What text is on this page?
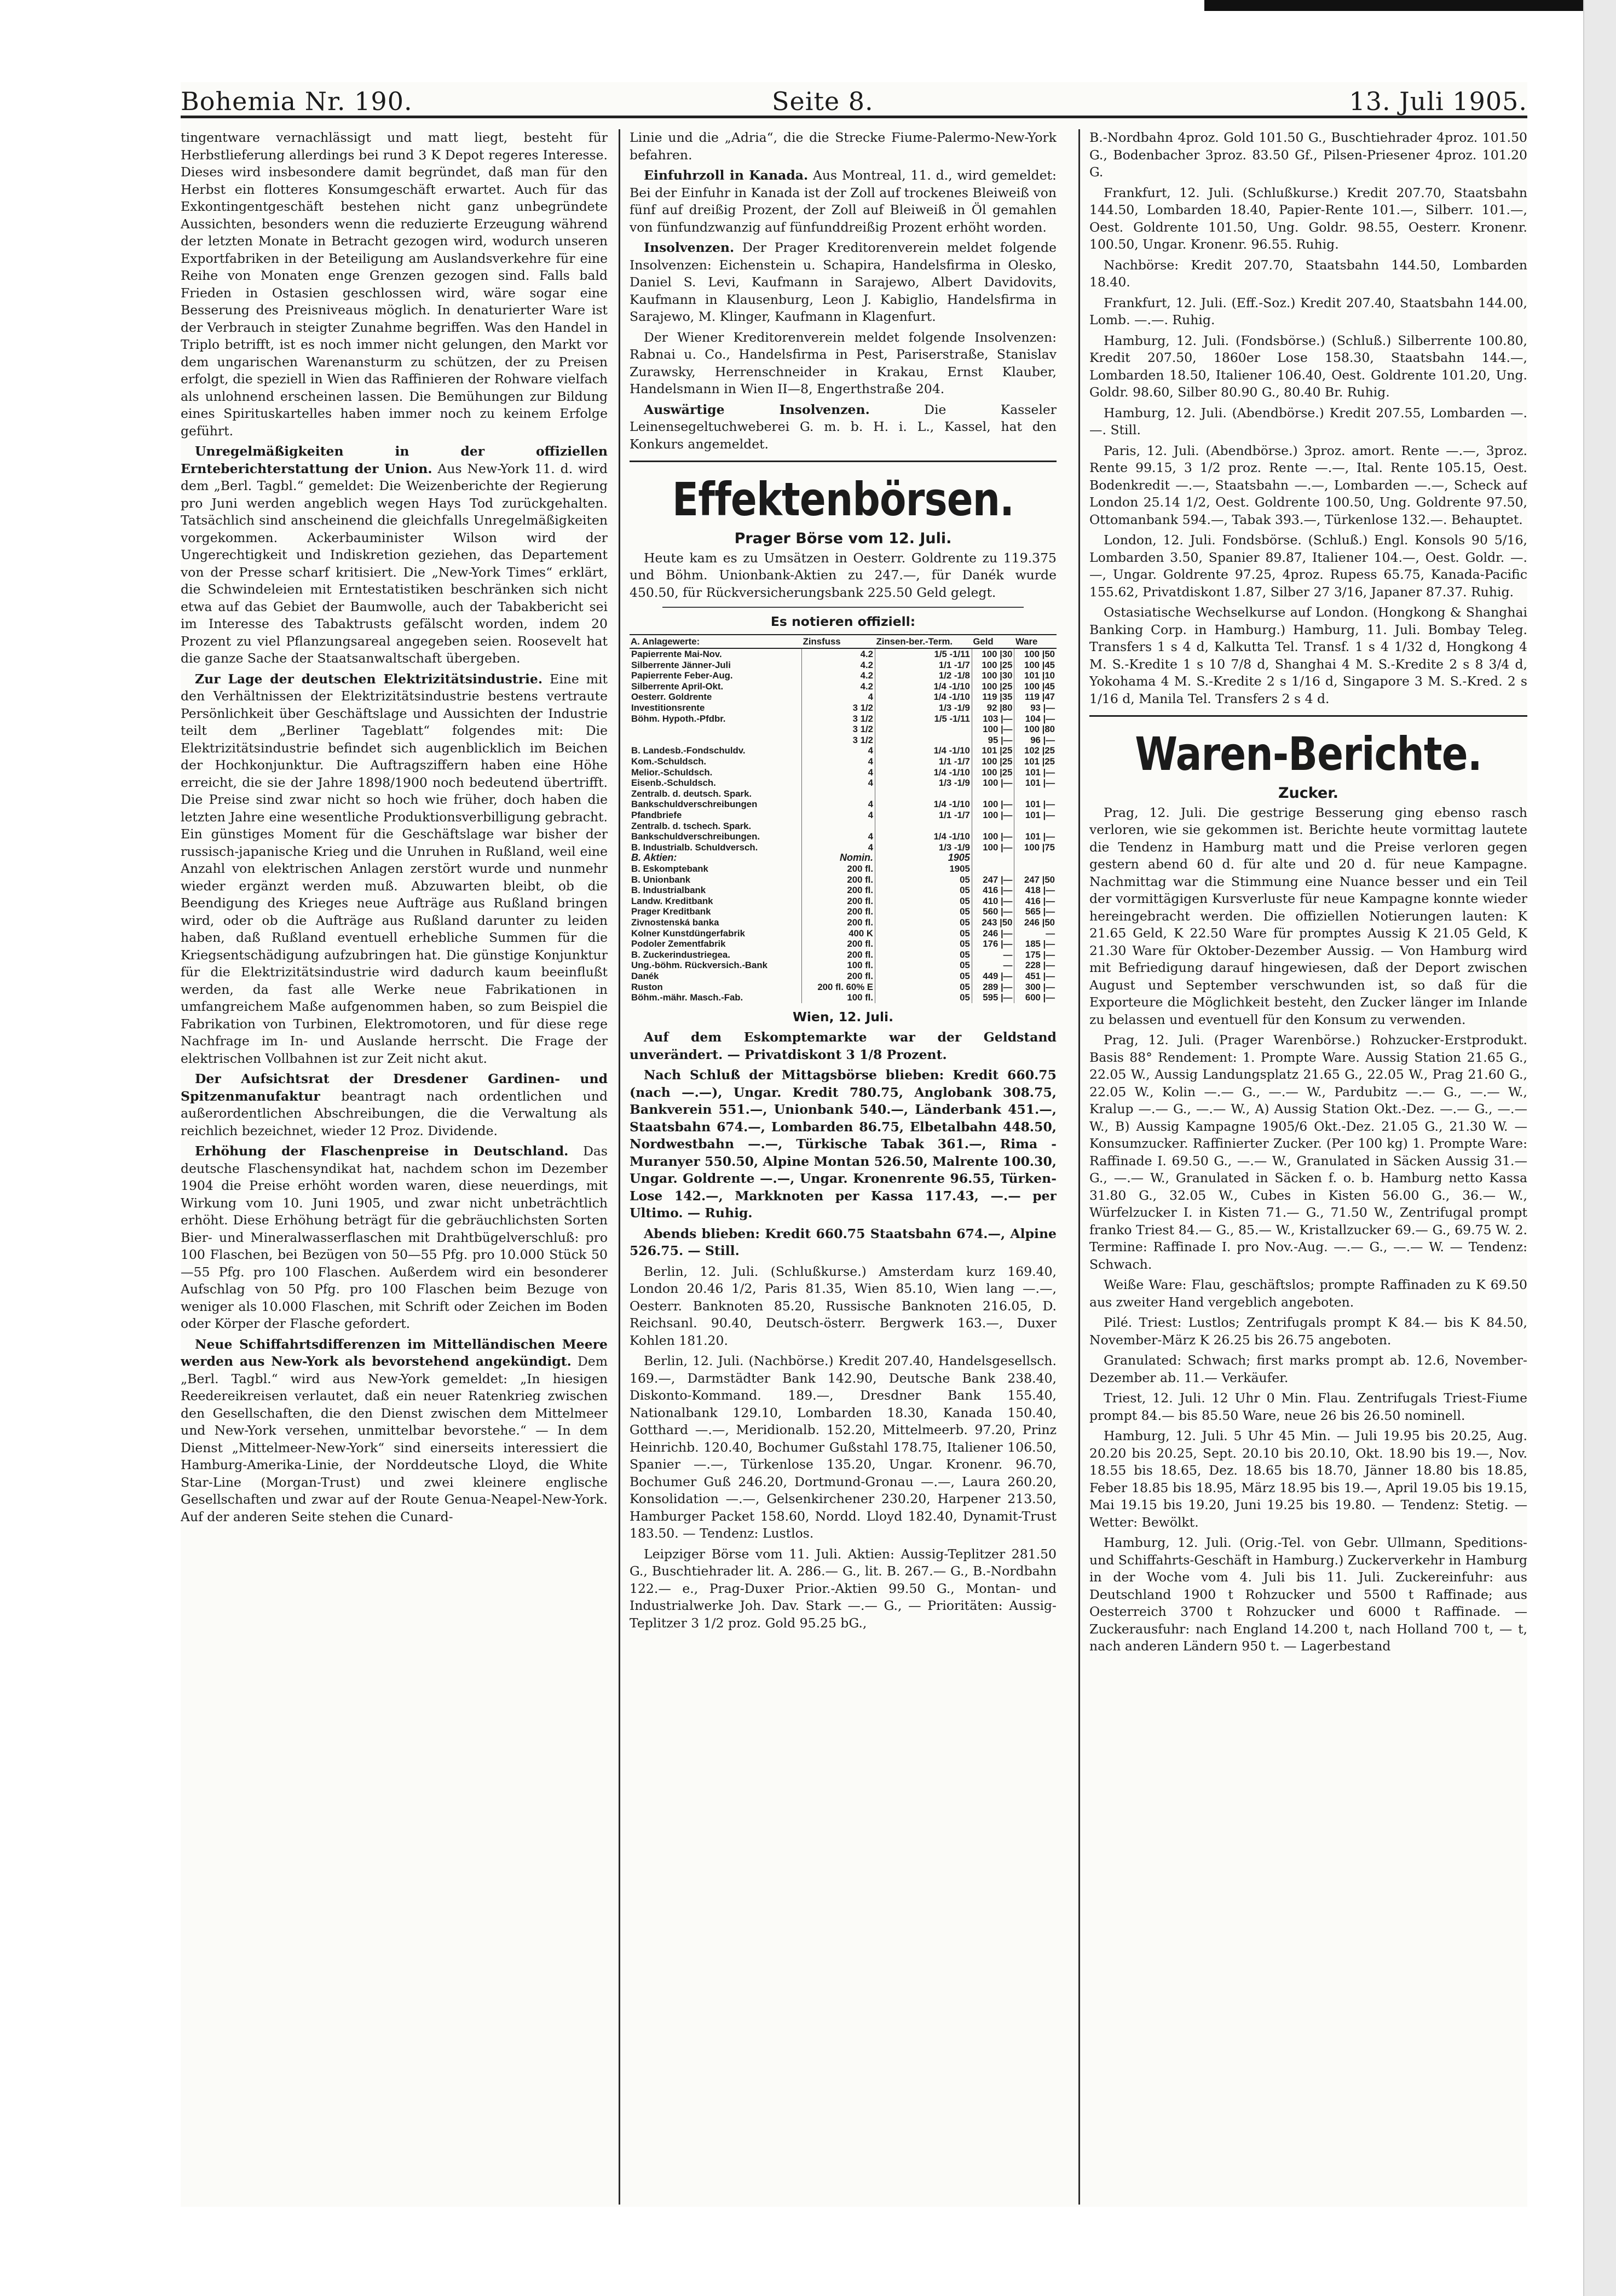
Bohemia Nr. 190.	Seite 8.	13. Juli 1905.

tingentware vernachlässigt und matt liegt, besteht für Herbstlieferung allerdings bei rund 3 K Depot regeres Interesse. Dieses wird insbesondere damit begründet, daß man für den Herbst ein flotteres Konsumgeschäft erwartet. Auch für das Exkontingentgeschäft bestehen nicht ganz unbegründete Aussichten, besonders wenn die reduzierte Erzeugung während der letzten Monate in Betracht gezogen wird, wodurch unseren Exportfabriken in der Beteiligung am Auslandsverkehre für eine Reihe von Monaten enge Grenzen gezogen sind. Falls bald Frieden in Ostasien geschlossen wird, wäre sogar eine Besserung des Preisniveaus möglich. In denaturierter Ware ist der Verbrauch in steigter Zunahme begriffen. Was den Handel in Triplo betrifft, ist es noch immer nicht gelungen, den Markt vor dem ungarischen Warenansturm zu schützen, der zu Preisen erfolgt, die speziell in Wien das Raffinieren der Rohware vielfach als unlohnend erscheinen lassen. Die Bemühungen zur Bildung eines Spirituskartelles haben immer noch zu keinem Erfolge geführt.

Unregelmäßigkeiten in der offiziellen Ernteberichterstattung der Union. Aus New-York 11. d. wird dem „Berl. Tagbl.“ gemeldet: Die Weizenberichte der Regierung pro Juni werden angeblich wegen Hays Tod zurückgehalten. Tatsächlich sind anscheinend die gleichfalls Unregelmäßigkeiten vorgekommen. Ackerbauminister Wilson wird der Ungerechtigkeit und Indiskretion geziehen, das Departement von der Presse scharf kritisiert. Die „New-York Times“ erklärt, die Schwindeleien mit Erntestatistiken beschränken sich nicht etwa auf das Gebiet der Baumwolle, auch der Tabakbericht sei im Interesse des Tabaktrusts gefälscht worden, indem 20 Prozent zu viel Pflanzungsareal angegeben seien. Roosevelt hat die ganze Sache der Staatsanwaltschaft übergeben.

Zur Lage der deutschen Elektrizitätsindustrie. Eine mit den Verhältnissen der Elektrizitätsindustrie bestens vertraute Persönlichkeit über Geschäftslage und Aussichten der Industrie teilt dem „Berliner Tageblatt“ folgendes mit: Die Elektrizitätsindustrie befindet sich augenblicklich im Beichen der Hochkonjunktur. Die Auftragsziffern haben eine Höhe erreicht, die sie der Jahre 1898/1900 noch bedeutend übertrifft. Die Preise sind zwar nicht so hoch wie früher, doch haben die letzten Jahre eine wesentliche Produktionsverbilligung gebracht. Ein günstiges Moment für die Geschäftslage war bisher der russisch-japanische Krieg und die Unruhen in Rußland, weil eine Anzahl von elektrischen Anlagen zerstört wurde und nunmehr wieder ergänzt werden muß. Abzuwarten bleibt, ob die Beendigung des Krieges neue Aufträge aus Rußland bringen wird, oder ob die Aufträge aus Rußland darunter zu leiden haben, daß Rußland eventuell erhebliche Summen für die Kriegsentschädigung aufzubringen hat. Die günstige Konjunktur für die Elektrizitätsindustrie wird dadurch kaum beeinflußt werden, da fast alle Werke neue Fabrikationen in umfangreichem Maße aufgenommen haben, so zum Beispiel die Fabrikation von Turbinen, Elektromotoren, und für diese rege Nachfrage im In- und Auslande herrscht. Die Frage der elektrischen Vollbahnen ist zur Zeit nicht akut.

Der Aufsichtsrat der Dresdener Gardinen- und Spitzenmanufaktur beantragt nach ordentlichen und außerordentlichen Abschreibungen, die die Verwaltung als reichlich bezeichnet, wieder 12 Proz. Dividende.

Erhöhung der Flaschenpreise in Deutschland. Das deutsche Flaschensyndikat hat, nachdem schon im Dezember 1904 die Preise erhöht worden waren, diese neuerdings, mit Wirkung vom 10. Juni 1905, und zwar nicht unbeträchtlich erhöht. Diese Erhöhung beträgt für die gebräuchlichsten Sorten Bier- und Mineralwasserflaschen mit Drahtbügelverschluß: pro 100 Flaschen, bei Bezügen von 50—55 Pfg. pro 10.000 Stück 50—55 Pfg. pro 100 Flaschen. Außerdem wird ein besonderer Aufschlag von 50 Pfg. pro 100 Flaschen beim Bezuge von weniger als 10.000 Flaschen, mit Schrift oder Zeichen im Boden oder Körper der Flasche gefordert.

Neue Schiffahrtsdifferenzen im Mittelländischen Meere werden aus New-York als bevorstehend angekündigt. Dem „Berl. Tagbl.“ wird aus New-York gemeldet: „In hiesigen Reedereikreisen verlautet, daß ein neuer Ratenkrieg zwischen den Gesellschaften, die den Dienst zwischen dem Mittelmeer und New-York versehen, unmittelbar bevorstehe.“ — In dem Dienst „Mittelmeer-New-York“ sind einerseits interessiert die Hamburg-Amerika-Linie, der Norddeutsche Lloyd, die White Star-Line (Morgan-Trust) und zwei kleinere englische Gesellschaften und zwar auf der Route Genua-Neapel-New-York. Auf der anderen Seite stehen die Cunard-

Linie und die „Adria“, die die Strecke Fiume-Palermo-New-York befahren.

Einfuhrzoll in Kanada. Aus Montreal, 11. d., wird gemeldet: Bei der Einfuhr in Kanada ist der Zoll auf trockenes Bleiweiß von fünf auf dreißig Prozent, der Zoll auf Bleiweiß in Öl gemahlen von fünfundzwanzig auf fünfunddreißig Prozent erhöht worden.

Insolvenzen. Der Prager Kreditorenverein meldet folgende Insolvenzen: Eichenstein u. Schapira, Handelsfirma in Olesko, Daniel S. Levi, Kaufmann in Sarajewo, Albert Davidovits, Kaufmann in Klausenburg, Leon J. Kabiglio, Handelsfirma in Sarajewo, M. Klinger, Kaufmann in Klagenfurt.

Der Wiener Kreditorenverein meldet folgende Insolvenzen: Rabnai u. Co., Handelsfirma in Pest, Pariserstraße, Stanislav Zurawsky, Herrenschneider in Krakau, Ernst Klauber, Handelsmann in Wien II—8, Engerthstraße 204.

Auswärtige Insolvenzen.	Die Kasseler Leinensegeltuchweberei G. m. b. H. i. L., Kassel, hat den Konkurs angemeldet.

Effektenbörsen.
Prager Börse vom 12. Juli.

Heute kam es zu Umsätzen in Oesterr. Goldrente zu 119.375 und Böhm. Unionbank-Aktien zu 247.—, für Danék wurde 450.50, für Rückversicherungsbank 225.50 Geld gelegt.

Es notieren offiziell:

A. Anlagewerte:	Zinsfuss	Zinsen-ber.-Term.	Geld	Ware
Papierrente Mai-Nov.	4.2	1/5 -1/11	100 |30	100 |50
Silberrente Jänner-Juli	4.2	1/1 -1/7	100 |25	100 |45
Papierrente Feber-Aug.	4.2	1/2 -1/8	100 |30	101 |10
Silberrente April-Okt.	4.2	1/4 -1/10	100 |25	100 |45
Oesterr. Goldrente	4	1/4 -1/10	119 |35	119 |47
Investitionsrente	3 1/2	1/3 -1/9	92 |80	93 |—
Böhm. Hypoth.-Pfdbr.	3 1/2	1/5 -1/11	103 |—	104 |—
	3 1/2		100 |—	100 |80
	3 1/2		95 |—	96 |—
B. Landesb.-Fondschuldv.	4	1/4 -1/10	101 |25	102 |25
Kom.-Schuldsch.	4	1/1 -1/7	100 |25	101 |25
Melior.-Schuldsch.	4	1/4 -1/10	100 |25	101 |—
Eisenb.-Schuldsch.	4	1/3 -1/9	100 |—	101 |—
Zentralb. d. deutsch. Spark.				
Bankschuldverschreibungen	4	1/4 -1/10	100 |—	101 |—
Pfandbriefe	4	1/1 -1/7	100 |—	101 |—
Zentralb. d. tschech. Spark.				
Bankschuldverschreibungen.	4	1/4 -1/10	100 |—	101 |—
B. Industrialb. Schuldversch.	4	1/3 -1/9	100 |—	100 |75
B. Aktien:	Nomin.	1905		
B. Eskomptebank	200 fl.	1905		
B. Unionbank	200 fl.	05	247 |—	247 |50
B. Industrialbank	200 fl.	05	416 |—	418 |—
Landw. Kreditbank	200 fl.	05	410 |—	416 |—
Prager Kreditbank	200 fl.	05	560 |—	565 |—
Zivnostenská banka	200 fl.	05	243 |50	246 |50
Kolner Kunstdüngerfabrik	400 K	05	246 |—	—
Podoler Zementfabrik	200 fl.	05	176 |—	185 |—
B. Zuckerindustriegea.	200 fl.	05	—	175 |—
Ung.-böhm. Rückversich.-Bank	100 fl.	05	—	228 |—
Danék	200 fl.	05	449 |—	451 |—
Ruston	200 fl. 60% E	05	289 |—	300 |—
Böhm.-mähr. Masch.-Fab.	100 fl.	05	595 |—	600 |—

Wien, 12. Juli.

Auf dem Eskomptemarkte war der Geldstand unverändert. — Privatdiskont 3 1/8 Prozent.

Nach Schluß der Mittagsbörse blieben: Kredit 660.75 (nach —.—), Ungar. Kredit 780.75, Anglobank 308.75, Bankverein 551.—, Unionbank 540.—, Länderbank 451.—, Staatsbahn 674.—, Lombarden 86.75, Elbetalbahn 448.50, Nordwestbahn —.—, Türkische Tabak 361.—, Rima - Muranyer 550.50, Alpine Montan 526.50, Malrente 100.30, Ungar. Goldrente —.—, Ungar. Kronenrente 96.55, Türken-Lose 142.—, Markknoten per Kassa 117.43, —.— per Ultimo. — Ruhig.

Abends blieben: Kredit 660.75 Staatsbahn 674.—, Alpine 526.75. — Still.

Berlin, 12. Juli. (Schlußkurse.) Amsterdam kurz 169.40, London 20.46 1/2, Paris 81.35, Wien 85.10, Wien lang —.—, Oesterr. Banknoten 85.20, Russische Banknoten 216.05, D. Reichsanl. 90.40, Deutsch-österr. Bergwerk 163.—, Duxer Kohlen 181.20.

Berlin, 12. Juli. (Nachbörse.) Kredit 207.40, Handelsgesellsch. 169.—, Darmstädter Bank 142.90, Deutsche Bank 238.40, Diskonto-Kommand. 189.—, Dresdner Bank 155.40, Nationalbank 129.10, Lombarden 18.30, Kanada 150.40, Gotthard —.—, Meridionalb. 152.20, Mittelmeerb. 97.20, Prinz Heinrichb. 120.40, Bochumer Gußstahl 178.75, Italiener 106.50, Spanier —.—, Türkenlose 135.20, Ungar. Kronenr. 96.70, Bochumer Guß 246.20, Dortmund-Gronau —.—, Laura 260.20, Konsolidation —.—, Gelsenkirchener 230.20, Harpener 213.50, Hamburger Packet 158.60, Nordd. Lloyd 182.40, Dynamit-Trust 183.50. — Tendenz: Lustlos.

Leipziger Börse vom 11. Juli. Aktien: Aussig-Teplitzer 281.50 G., Buschtiehrader lit. A. 286.— G., lit. B. 267.— G., B.-Nordbahn 122.— e., Prag-Duxer Prior.-Aktien 99.50 G., Montan- und Industrialwerke Joh. Dav. Stark —.— G., — Prioritäten: Aussig-Teplitzer 3 1/2 proz. Gold 95.25 bG.,

B.-Nordbahn 4proz. Gold 101.50 G., Buschtiehrader 4proz. 101.50 G., Bodenbacher 3proz. 83.50 Gf., Pilsen-Priesener 4proz. 101.20 G.

Frankfurt, 12. Juli. (Schlußkurse.) Kredit 207.70, Staatsbahn 144.50, Lombarden 18.40, Papier-Rente 101.—, Silberr. 101.—, Oest. Goldrente 101.50, Ung. Goldr. 98.55, Oesterr. Kronenr. 100.50, Ungar. Kronenr. 96.55. Ruhig.

Nachbörse: Kredit 207.70, Staatsbahn 144.50, Lombarden 18.40.

Frankfurt, 12. Juli. (Eff.-Soz.) Kredit 207.40, Staatsbahn 144.00, Lomb. —.—. Ruhig.

Hamburg, 12. Juli. (Fondsbörse.) (Schluß.) Silberrente 100.80, Kredit 207.50, 1860er Lose 158.30, Staatsbahn 144.—, Lombarden 18.50, Italiener 106.40, Oest. Goldrente 101.20, Ung. Goldr. 98.60, Silber 80.90 G., 80.40 Br. Ruhig.

Hamburg, 12. Juli. (Abendbörse.) Kredit 207.55, Lombarden —.—. Still.

Paris, 12. Juli. (Abendbörse.) 3proz. amort. Rente —.—, 3proz. Rente 99.15, 3 1/2 proz. Rente —.—, Ital. Rente 105.15, Oest. Bodenkredit —.—, Staatsbahn —.—, Lombarden —.—, Scheck auf London 25.14 1/2, Oest. Goldrente 100.50, Ung. Goldrente 97.50, Ottomanbank 594.—, Tabak 393.—, Türkenlose 132.—. Behauptet.

London, 12. Juli. Fondsbörse. (Schluß.) Engl. Konsols 90 5/16, Lombarden 3.50, Spanier 89.87, Italiener 104.—, Oest. Goldr. —.—, Ungar. Goldrente 97.25, 4proz. Rupess 65.75, Kanada-Pacific 155.62, Privatdiskont 1.87, Silber 27 3/16, Japaner 87.37. Ruhig.

Ostasiatische Wechselkurse auf London. (Hongkong & Shanghai Banking Corp. in Hamburg.) Hamburg, 11. Juli. Bombay Teleg. Transfers 1 s 4 d, Kalkutta Tel. Transf. 1 s 4 1/32 d, Hongkong 4 M. S.-Kredite 1 s 10 7/8 d, Shanghai 4 M. S.-Kredite 2 s 8 3/4 d, Yokohama 4 M. S.-Kredite 2 s 1/16 d, Singapore 3 M. S.-Kred. 2 s 1/16 d, Manila Tel. Transfers 2 s 4 d.

Waren-Berichte.
Zucker.

Prag, 12. Juli. Die gestrige Besserung ging ebenso rasch verloren, wie sie gekommen ist. Berichte heute vormittag lautete die Tendenz in Hamburg matt und die Preise verloren gegen gestern abend 60 d. für alte und 20 d. für neue Kampagne. Nachmittag war die Stimmung eine Nuance besser und ein Teil der vormittägigen Kursverluste für neue Kampagne konnte wieder hereingebracht werden. Die offiziellen Notierungen lauten: K 21.65 Geld, K 22.50 Ware für promptes Aussig K 21.05 Geld, K 21.30 Ware für Oktober-Dezember Aussig. — Von Hamburg wird mit Befriedigung darauf hingewiesen, daß der Deport zwischen August und September verschwunden ist, so daß für die Exporteure die Möglichkeit besteht, den Zucker länger im Inlande zu belassen und eventuell für den Konsum zu verwenden.

Prag, 12. Juli. (Prager Warenbörse.) Rohzucker-Erstprodukt. Basis 88° Rendement: 1. Prompte Ware. Aussig Station 21.65 G., 22.05 W., Aussig Landungsplatz 21.65 G., 22.05 W., Prag 21.60 G., 22.05 W., Kolin —.— G., —.— W., Pardubitz —.— G., —.— W., Kralup —.— G., —.— W., A) Aussig Station Okt.-Dez. —.— G., —.— W., B) Aussig Kampagne 1905/6 Okt.-Dez. 21.05 G., 21.30 W. — Konsumzucker. Raffinierter Zucker. (Per 100 kg) 1. Prompte Ware: Raffinade I. 69.50 G., —.— W., Granulated in Säcken Aussig 31.— G., —.— W., Granulated in Säcken f. o. b. Hamburg netto Kassa 31.80 G., 32.05 W., Cubes in Kisten 56.00 G., 36.— W., Würfelzucker I. in Kisten 71.— G., 71.50 W., Zentrifugal prompt franko Triest 84.— G., 85.— W., Kristallzucker 69.— G., 69.75 W. 2. Termine: Raffinade I. pro Nov.-Aug. —.— G., —.— W. — Tendenz: Schwach.

Weiße Ware: Flau, geschäftslos; prompte Raffinaden zu K 69.50 aus zweiter Hand vergeblich angeboten.

Pilé. Triest: Lustlos; Zentrifugals prompt K 84.— bis K 84.50, November-März K 26.25 bis 26.75 angeboten.

Granulated: Schwach; first marks prompt ab. 12.6, November-Dezember ab. 11.— Verkäufer.

Triest, 12. Juli. 12 Uhr 0 Min. Flau. Zentrifugals Triest-Fiume prompt 84.— bis 85.50 Ware, neue 26 bis 26.50 nominell.

Hamburg, 12. Juli. 5 Uhr 45 Min. — Juli 19.95 bis 20.25, Aug. 20.20 bis 20.25, Sept. 20.10 bis 20.10, Okt. 18.90 bis 19.—, Nov. 18.55 bis 18.65, Dez. 18.65 bis 18.70, Jänner 18.80 bis 18.85, Feber 18.85 bis 18.95, März 18.95 bis 19.—, April 19.05 bis 19.15, Mai 19.15 bis 19.20, Juni 19.25 bis 19.80. — Tendenz: Stetig. — Wetter: Bewölkt.

Hamburg, 12. Juli. (Orig.-Tel. von Gebr. Ullmann, Speditions- und Schiffahrts-Geschäft in Hamburg.) Zuckerverkehr in Hamburg in der Woche vom 4. Juli bis 11. Juli. Zuckereinfuhr: aus Deutschland 1900 t Rohzucker und 5500 t Raffinade; aus Oesterreich 3700 t Rohzucker und 6000 t Raffinade. — Zuckerausfuhr: nach England 14.200 t, nach Holland 700 t, — t, nach anderen Ländern 950 t. — Lagerbestand
